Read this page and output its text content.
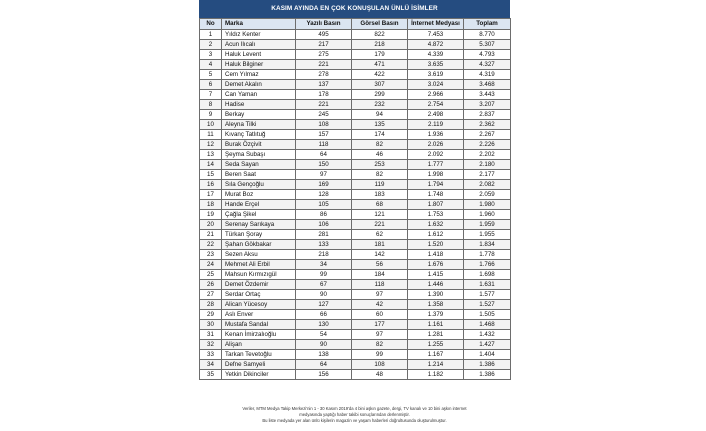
KASIM AYINDA EN ÇOK KONUŞULAN ÜNLÜ İSİMLER
No	Marka	Yazılı Basın	Görsel Basın	İnternet Medyası	Toplam
1	Yıldız Kenter	495	822	7.453	8.770
2	Acun Ilıcalı	217	218	4.872	5.307
3	Haluk Levent	275	179	4.339	4.793
4	Haluk Bilginer	221	471	3.635	4.327
5	Cem Yılmaz	278	422	3.619	4.319
6	Demet Akalın	137	307	3.024	3.468
7	Can Yaman	178	299	2.966	3.443
8	Hadise	221	232	2.754	3.207
9	Berkay	245	94	2.498	2.837
10	Aleyna Tilki	108	135	2.119	2.362
11	Kıvanç Tatlıtuğ	157	174	1.936	2.267
12	Burak Özçivit	118	82	2.026	2.226
13	Şeyma Subaşı	64	46	2.092	2.202
14	Seda Sayan	150	253	1.777	2.180
15	Beren Saat	97	82	1.998	2.177
16	Sıla Gençoğlu	169	119	1.794	2.082
17	Murat Boz	128	183	1.748	2.059
18	Hande Erçel	105	68	1.807	1.980
19	Çağla Şikel	86	121	1.753	1.960
20	Serenay Sarıkaya	106	221	1.632	1.959
21	Türkan Şoray	281	62	1.612	1.955
22	Şahan Gökbakar	133	181	1.520	1.834
23	Sezen Aksu	218	142	1.418	1.778
24	Mehmet Ali Erbil	34	56	1.676	1.766
25	Mahsun Kırmızıgül	99	184	1.415	1.698
26	Demet Özdemir	67	118	1.446	1.631
27	Serdar Ortaç	90	97	1.390	1.577
28	Alican Yücesoy	127	42	1.358	1.527
29	Aslı Enver	66	60	1.379	1.505
30	Mustafa Sandal	130	177	1.161	1.468
31	Kenan İmirzalıoğlu	54	97	1.281	1.432
32	Alişan	90	82	1.255	1.427
33	Tarkan Tevetoğlu	138	99	1.167	1.404
34	Defne Samyeli	64	108	1.214	1.386
35	Yetkin Dikinciler	156	48	1.182	1.386
Veriler, MTM Medya Takip Merkezi'nin 1 - 30 Kasım 2019'da 4 bini aşkın gazete, dergi, TV kanalı ve 10 bini aşkın internet
medyasında yaptığı haber takibi sonuçlarından derlenmiştir.
Bu liste medyada yer alan ünlü kişilerin magazin ve yaşam haberleri doğrultusunda oluşturulmuştur.
